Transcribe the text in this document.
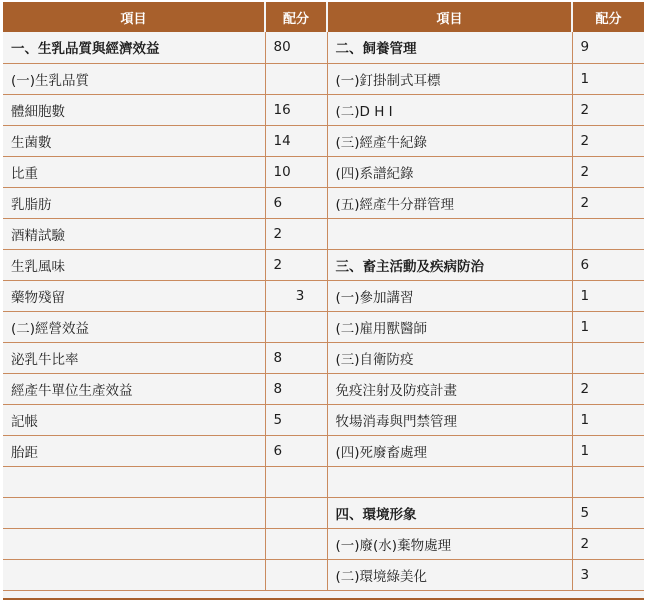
項目	配分	項目	配分
一、生乳品質與經濟效益	80	二、飼養管理	9
(一)生乳品質		(一)釘掛制式耳標	1
體細胞數	16	(二)D H I	2
生菌數	14	(三)經產牛紀錄	2
比重	10	(四)系譜紀錄	2
乳脂肪	6	(五)經產牛分群管理	2
酒精試驗	2		
生乳風味	2	三、畜主活動及疾病防治	6
藥物殘留	3	(一)參加講習	1
(二)經營效益		(二)雇用獸醫師	1
泌乳牛比率	8	(三)自衛防疫	
經產牛單位生產效益	8	免疫注射及防疫計畫	2
記帳	5	牧場消毒與門禁管理	1
胎距	6	(四)死廢畜處理	1

		四、環境形象	5
		(一)廢(水)棄物處理	2
		(二)環境綠美化	3
